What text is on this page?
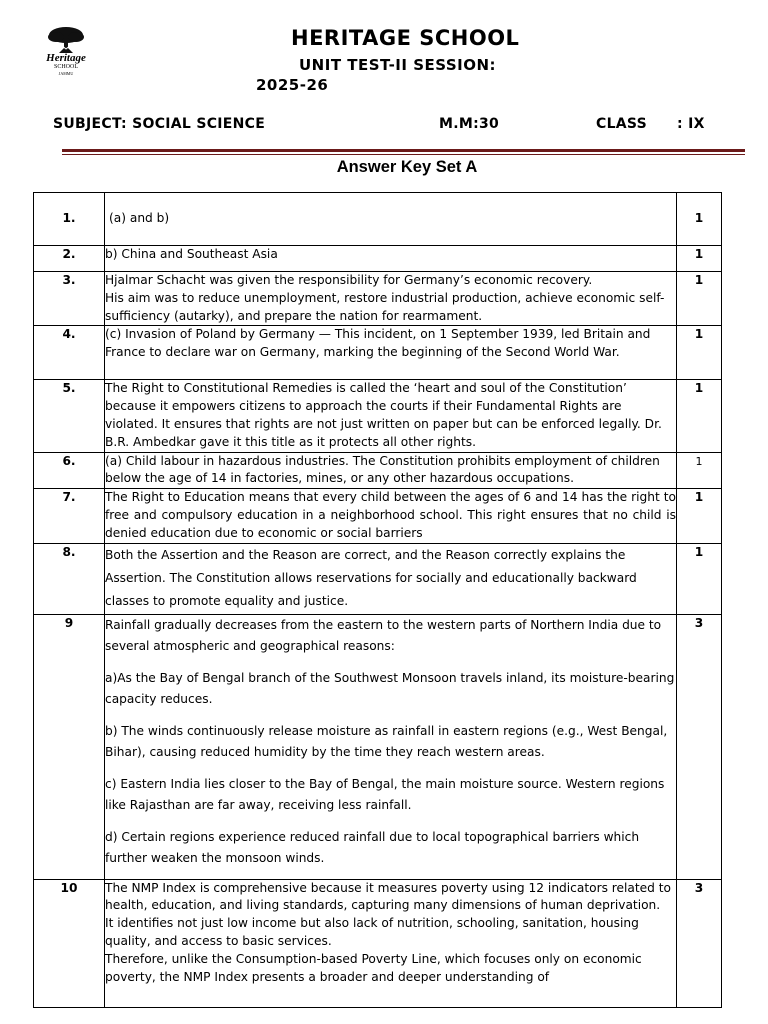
Heritage
SCHOOL
JAMMU
HERITAGE SCHOOL
UNIT TEST-II SESSION:
2025-26
SUBJECT: SOCIAL SCIENCE	M.M:30	CLASS : IX
Answer Key Set A
1.	(a) and b)	1
2.	b) China and Southeast Asia	1
3.	Hjalmar Schacht was given the responsibility for Germany’s economic recovery.
His aim was to reduce unemployment, restore industrial production, achieve economic self- sufficiency (autarky), and prepare the nation for rearmament.	1
4.	(c) Invasion of Poland by Germany — This incident, on 1 September 1939, led Britain and France to declare war on Germany, marking the beginning of the Second World War.	1
5.	The Right to Constitutional Remedies is called the ‘heart and soul of the Constitution’ because it empowers citizens to approach the courts if their Fundamental Rights are violated. It ensures that rights are not just written on paper but can be enforced legally. Dr. B.R. Ambedkar gave it this title as it protects all other rights.	1
6.	(a) Child labour in hazardous industries. The Constitution prohibits employment of children below the age of 14 in factories, mines, or any other hazardous occupations.	1
7.	The Right to Education means that every child between the ages of 6 and 14 has the right to free and compulsory education in a neighborhood school. This right ensures that no child is denied education due to economic or social barriers	1
8.	Both the Assertion and the Reason are correct, and the Reason correctly explains the Assertion. The Constitution allows reservations for socially and educationally backward classes to promote equality and justice.	1
9	Rainfall gradually decreases from the eastern to the western parts of Northern India due to several atmospheric and geographical reasons:

a)As the Bay of Bengal branch of the Southwest Monsoon travels inland, its moisture-bearing capacity reduces.

b) The winds continuously release moisture as rainfall in eastern regions (e.g., West Bengal, Bihar), causing reduced humidity by the time they reach western areas.

c) Eastern India lies closer to the Bay of Bengal, the main moisture source. Western regions like Rajasthan are far away, receiving less rainfall.

d) Certain regions experience reduced rainfall due to local topographical barriers which further weaken the monsoon winds.	3
10	The NMP Index is comprehensive because it measures poverty using 12 indicators related to health, education, and living standards, capturing many dimensions of human deprivation.
It identifies not just low income but also lack of nutrition, schooling, sanitation, housing quality, and access to basic services.
Therefore, unlike the Consumption-based Poverty Line, which focuses only on economic poverty, the NMP Index presents a broader and deeper understanding of	3
